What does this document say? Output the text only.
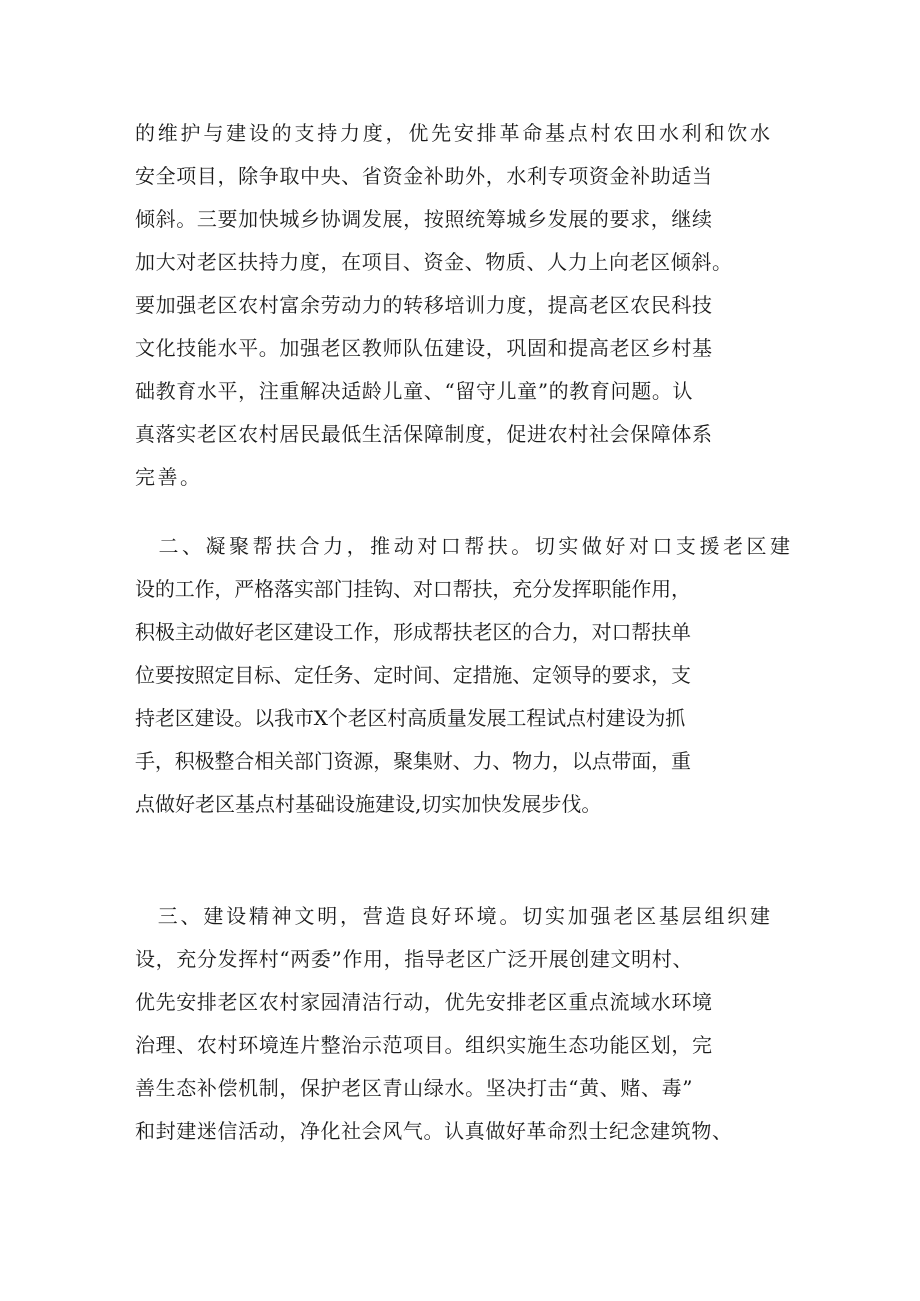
的维护与建设的支持力度，优先安排革命基点村农田水利和饮水
安全项目，除争取中央、省资金补助外，水利专项资金补助适当
倾斜。三要加快城乡协调发展，按照统筹城乡发展的要求，继续
加大对老区扶持力度，在项目、资金、物质、人力上向老区倾斜。
要加强老区农村富余劳动力的转移培训力度，提高老区农民科技
文化技能水平。加强老区教师队伍建设，巩固和提高老区乡村基
础教育水平，注重解决适龄儿童、“留守儿童”的教育问题。认
真落实老区农村居民最低生活保障制度，促进农村社会保障体系
完善。
　二、凝聚帮扶合力，推动对口帮扶。切实做好对口支援老区建
设的工作，严格落实部门挂钩、对口帮扶，充分发挥职能作用，
积极主动做好老区建设工作，形成帮扶老区的合力，对口帮扶单
位要按照定目标、定任务、定时间、定措施、定领导的要求，支
持老区建设。以我市X个老区村高质量发展工程试点村建设为抓
手，积极整合相关部门资源，聚集财、力、物力，以点带面，重
点做好老区基点村基础设施建设,切实加快发展步伐。
　三、建设精神文明，营造良好环境。切实加强老区基层组织建
设，充分发挥村“两委”作用，指导老区广泛开展创建文明村、
优先安排老区农村家园清洁行动，优先安排老区重点流域水环境
治理、农村环境连片整治示范项目。组织实施生态功能区划，完
善生态补偿机制，保护老区青山绿水。坚决打击“黄、赌、毒”
和封建迷信活动，净化社会风气。认真做好革命烈士纪念建筑物、
